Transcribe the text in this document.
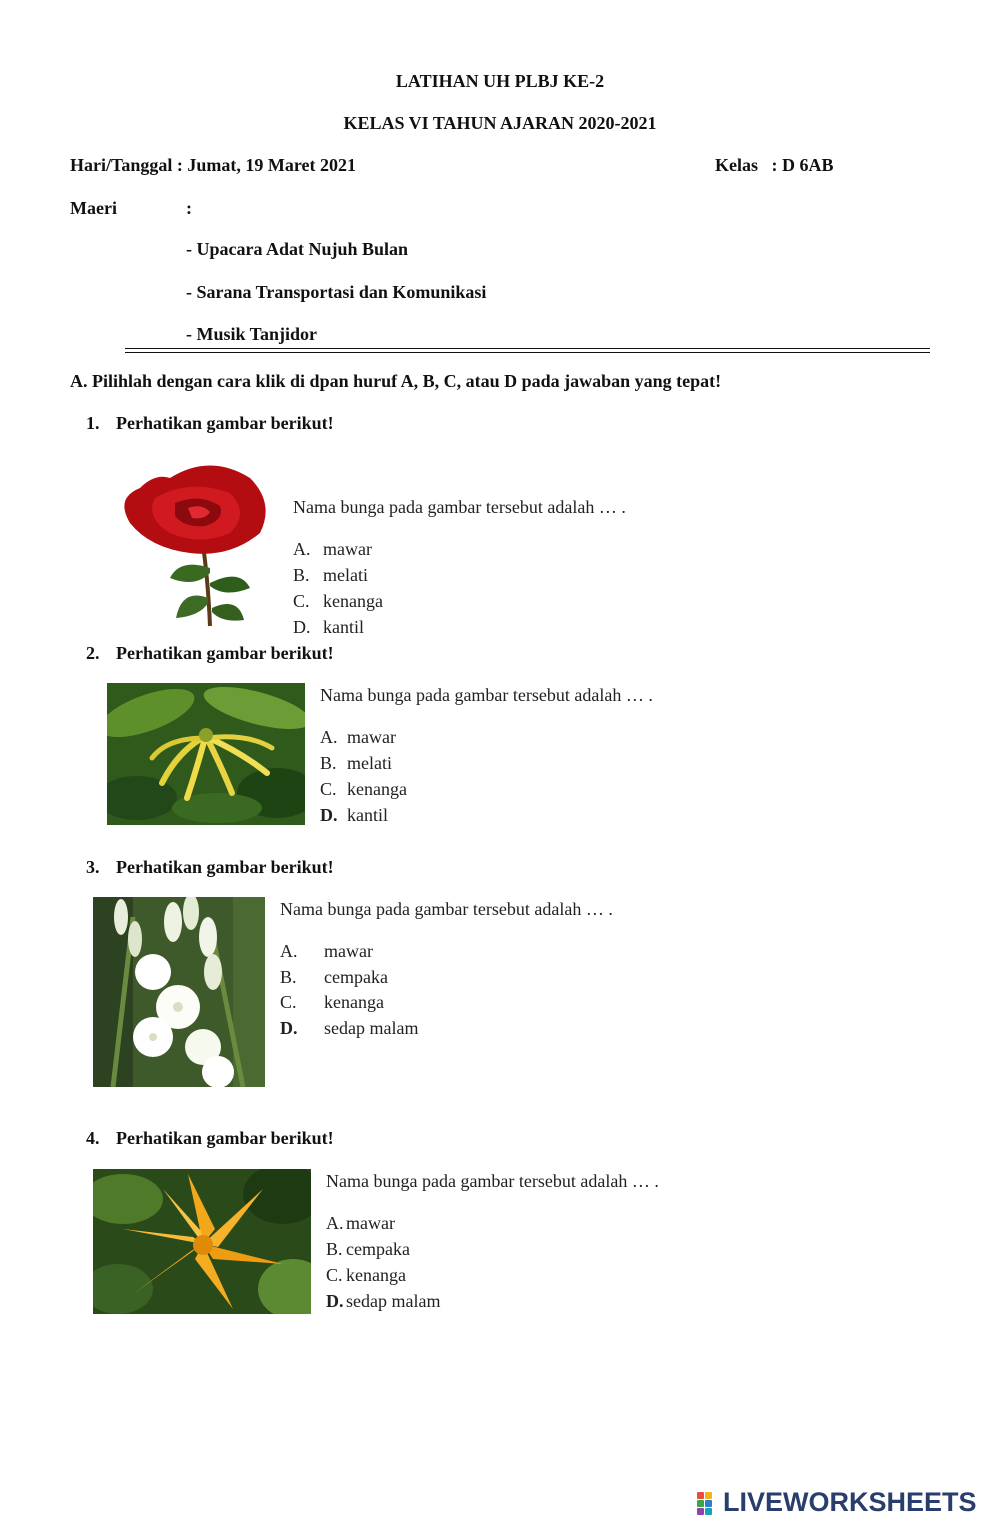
LATIHAN UH PLBJ KE-2
KELAS VI TAHUN AJARAN 2020-2021
Hari/Tanggal : Jumat, 19 Maret 2021	Kelas   : D 6AB
Maeri	:
- Upacara Adat Nujuh Bulan
- Sarana Transportasi dan Komunikasi
- Musik Tanjidor
A. Pilihlah dengan cara klik di dpan huruf A, B, C, atau D pada jawaban yang tepat!
1. Perhatikan gambar berikut!
Nama bunga pada gambar tersebut adalah … .
A. mawar
B. melati
C. kenanga
D. kantil
2. Perhatikan gambar berikut!
Nama bunga pada gambar tersebut adalah … .
A. mawar
B. melati
C. kenanga
D. kantil
3. Perhatikan gambar berikut!
Nama bunga pada gambar tersebut adalah … .
A. mawar
B. cempaka
C. kenanga
D. sedap malam
4. Perhatikan gambar berikut!
Nama bunga pada gambar tersebut adalah … .
A. mawar
B. cempaka
C. kenanga
D. sedap malam
LIVEWORKSHEETS
